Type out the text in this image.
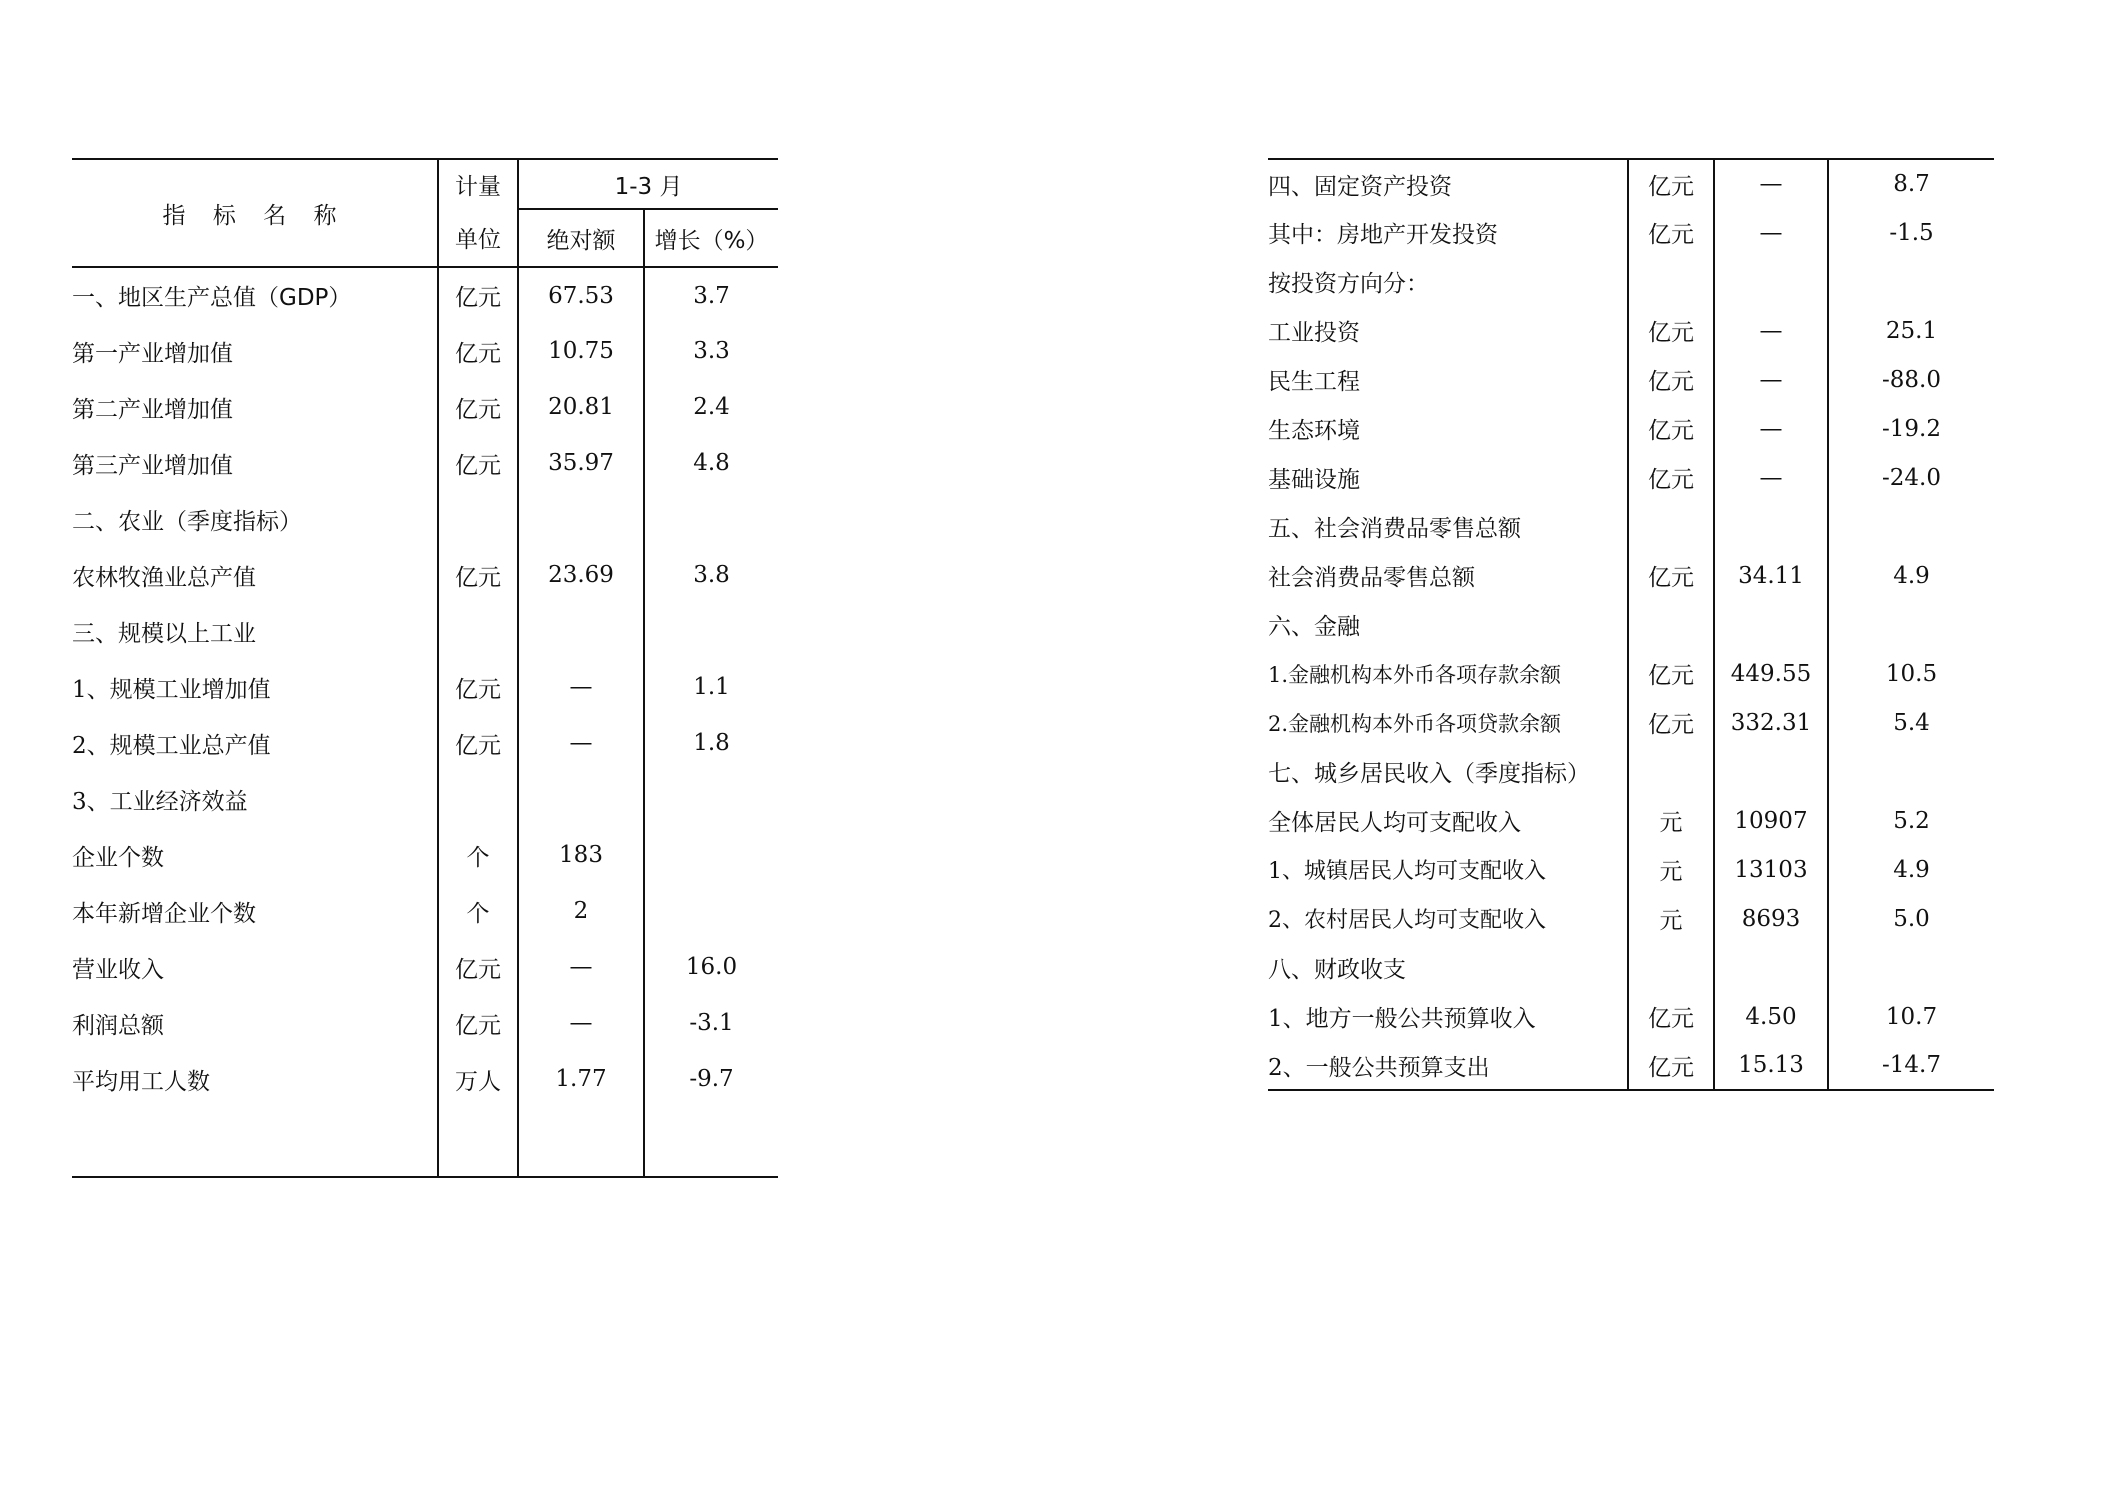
指 标 名 称	计量	1-3 月	
	单位	绝对额	增长（%）
一、地区生产总值（GDP）	亿元	67.53	3.7
第一产业增加值	亿元	10.75	3.3
第二产业增加值	亿元	20.81	2.4
第三产业增加值	亿元	35.97	4.8
二、农业（季度指标）			
农林牧渔业总产值	亿元	23.69	3.8
三、规模以上工业			
1、规模工业增加值	亿元	—	1.1
2、规模工业总产值	亿元	—	1.8
3、工业经济效益			
企业个数	个	183	
本年新增企业个数	个	2	
营业收入	亿元	—	16.0
利润总额	亿元	—	-3.1
平均用工人数	万人	1.77	-9.7

四、固定资产投资	亿元	—	8.7
其中：房地产开发投资	亿元	—	-1.5
按投资方向分：			
工业投资	亿元	—	25.1
民生工程	亿元	—	-88.0
生态环境	亿元	—	-19.2
基础设施	亿元	—	-24.0
五、社会消费品零售总额			
社会消费品零售总额	亿元	34.11	4.9
六、金融			
1.金融机构本外币各项存款余额	亿元	449.55	10.5
2.金融机构本外币各项贷款余额	亿元	332.31	5.4
七、城乡居民收入（季度指标）			
全体居民人均可支配收入	元	10907	5.2
1、城镇居民人均可支配收入	元	13103	4.9
2、农村居民人均可支配收入	元	8693	5.0
八、财政收支			
1、地方一般公共预算收入	亿元	4.50	10.7
2、一般公共预算支出	亿元	15.13	-14.7
